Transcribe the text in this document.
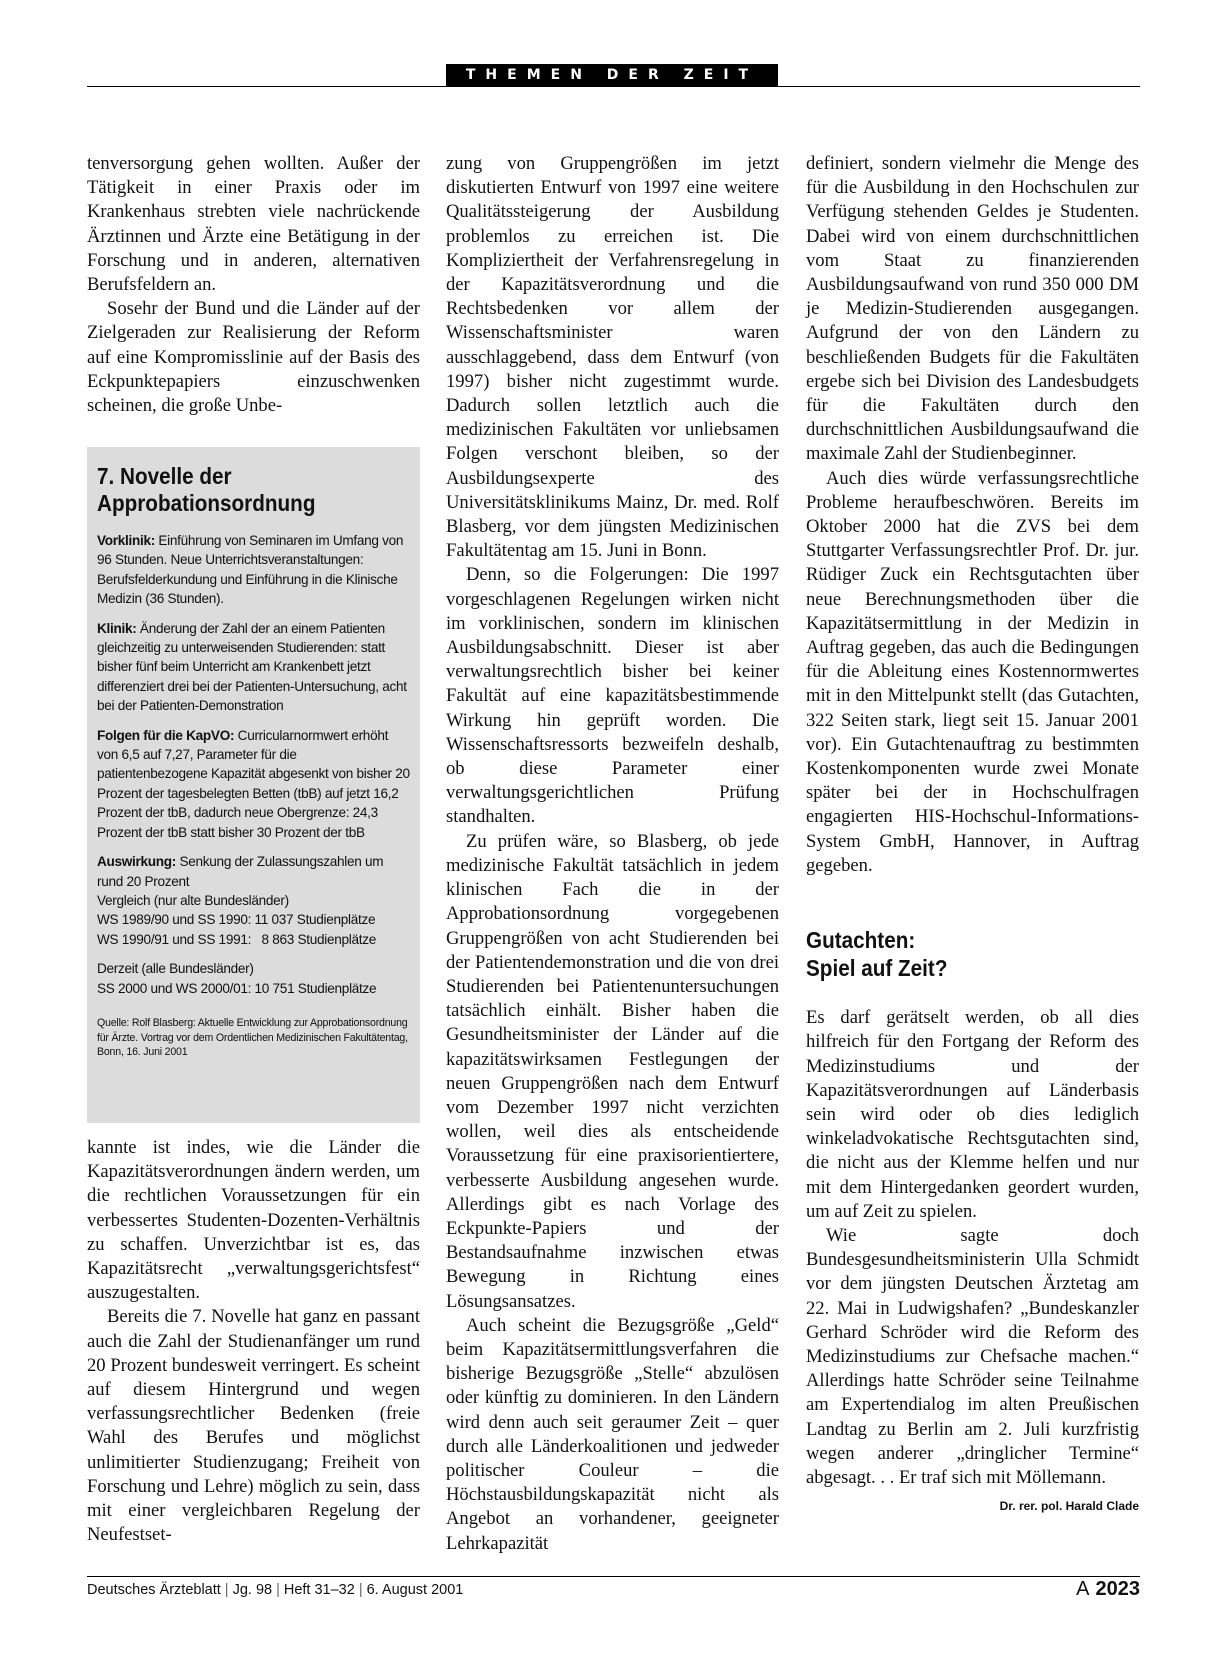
THEMEN DER ZEIT

tenversorgung gehen wollten. Außer der Tätigkeit in einer Praxis oder im Krankenhaus strebten viele nachrückende Ärztinnen und Ärzte eine Betätigung in der Forschung und in anderen, alternativen Berufsfeldern an.

Sosehr der Bund und die Länder auf der Zielgeraden zur Realisierung der Reform auf eine Kompromisslinie auf der Basis des Eckpunktepapiers einzuschwenken scheinen, die große Unbe-

7. Novelle der Approbationsordnung

Vorklinik: Einführung von Seminaren im Umfang von 96 Stunden. Neue Unterrichtsveranstaltungen: Berufsfelderkundung und Einführung in die Klinische Medizin (36 Stunden).

Klinik: Änderung der Zahl der an einem Patienten gleichzeitig zu unterweisenden Studierenden: statt bisher fünf beim Unterricht am Krankenbett jetzt differenziert drei bei der Patienten-Untersuchung, acht bei der Patienten-Demonstration

Folgen für die KapVO: Curricularnormwert erhöht von 6,5 auf 7,27, Parameter für die patientenbezogene Kapazität abgesenkt von bisher 20 Prozent der tagesbelegten Betten (tbB) auf jetzt 16,2 Prozent der tbB, dadurch neue Obergrenze: 24,3 Prozent der tbB statt bisher 30 Prozent der tbB

Auswirkung: Senkung der Zulassungszahlen um rund 20 Prozent

Vergleich (nur alte Bundesländer)

WS 1989/90 und SS 1990: 11 037 Studienplätze

WS 1990/91 und SS 1991:   8 863 Studienplätze

Derzeit (alle Bundesländer)

SS 2000 und WS 2000/01: 10 751 Studienplätze

Quelle: Rolf Blasberg: Aktuelle Entwicklung zur Approbationsordnung für Ärzte. Vortrag vor dem Ordentlichen Medizinischen Fakultätentag, Bonn, 16. Juni 2001

kannte ist indes, wie die Länder die Kapazitätsverordnungen ändern werden, um die rechtlichen Voraussetzungen für ein verbessertes Studenten-Dozenten-Verhältnis zu schaffen. Unverzichtbar ist es, das Kapazitätsrecht „verwaltungsgerichtsfest“ auszugestalten.

Bereits die 7. Novelle hat ganz en passant auch die Zahl der Studienanfänger um rund 20 Prozent bundesweit verringert. Es scheint auf diesem Hintergrund und wegen verfassungsrechtlicher Bedenken (freie Wahl des Berufes und möglichst unlimitierter Studienzugang; Freiheit von Forschung und Lehre) möglich zu sein, dass mit einer vergleichbaren Regelung der Neufestset-

zung von Gruppengrößen im jetzt diskutierten Entwurf von 1997 eine weitere Qualitätssteigerung der Ausbildung problemlos zu erreichen ist. Die Kompliziertheit der Verfahrensregelung in der Kapazitätsverordnung und die Rechtsbedenken vor allem der Wissenschaftsminister waren ausschlaggebend, dass dem Entwurf (von 1997) bisher nicht zugestimmt wurde. Dadurch sollen letztlich auch die medizinischen Fakultäten vor unliebsamen Folgen verschont bleiben, so der Ausbildungsexperte des Universitätsklinikums Mainz, Dr. med. Rolf Blasberg, vor dem jüngsten Medizinischen Fakultätentag am 15. Juni in Bonn.

Denn, so die Folgerungen: Die 1997 vorgeschlagenen Regelungen wirken nicht im vorklinischen, sondern im klinischen Ausbildungsabschnitt. Dieser ist aber verwaltungsrechtlich bisher bei keiner Fakultät auf eine kapazitätsbestimmende Wirkung hin geprüft worden. Die Wissenschaftsressorts bezweifeln deshalb, ob diese Parameter einer verwaltungsgerichtlichen Prüfung standhalten.

Zu prüfen wäre, so Blasberg, ob jede medizinische Fakultät tatsächlich in jedem klinischen Fach die in der Approbationsordnung vorgegebenen Gruppengrößen von acht Studierenden bei der Patientendemonstration und die von drei Studierenden bei Patientenuntersuchungen tatsächlich einhält. Bisher haben die Gesundheitsminister der Länder auf die kapazitätswirksamen Festlegungen der neuen Gruppengrößen nach dem Entwurf vom Dezember 1997 nicht verzichten wollen, weil dies als entscheidende Voraussetzung für eine praxisorientiertere, verbesserte Ausbildung angesehen wurde. Allerdings gibt es nach Vorlage des Eckpunkte-Papiers und der Bestandsaufnahme inzwischen etwas Bewegung in Richtung eines Lösungsansatzes.

Auch scheint die Bezugsgröße „Geld“ beim Kapazitätsermittlungsverfahren die bisherige Bezugsgröße „Stelle“ abzulösen oder künftig zu dominieren. In den Ländern wird denn auch seit geraumer Zeit – quer durch alle Länderkoalitionen und jedweder politischer Couleur – die Höchstausbildungskapazität nicht als Angebot an vorhandener, geeigneter Lehrkapazität

definiert, sondern vielmehr die Menge des für die Ausbildung in den Hochschulen zur Verfügung stehenden Geldes je Studenten. Dabei wird von einem durchschnittlichen vom Staat zu finanzierenden Ausbildungsaufwand von rund 350 000 DM je Medizin-Studierenden ausgegangen. Aufgrund der von den Ländern zu beschließenden Budgets für die Fakultäten ergebe sich bei Division des Landesbudgets für die Fakultäten durch den durchschnittlichen Ausbildungsaufwand die maximale Zahl der Studienbeginner.

Auch dies würde verfassungsrechtliche Probleme heraufbeschwören. Bereits im Oktober 2000 hat die ZVS bei dem Stuttgarter Verfassungsrechtler Prof. Dr. jur. Rüdiger Zuck ein Rechtsgutachten über neue Berechnungsmethoden über die Kapazitätsermittlung in der Medizin in Auftrag gegeben, das auch die Bedingungen für die Ableitung eines Kostennormwertes mit in den Mittelpunkt stellt (das Gutachten, 322 Seiten stark, liegt seit 15. Januar 2001 vor). Ein Gutachtenauftrag zu bestimmten Kostenkomponenten wurde zwei Monate später bei der in Hochschulfragen engagierten HIS-Hochschul-Informations-System GmbH, Hannover, in Auftrag gegeben.

Gutachten:
Spiel auf Zeit?

Es darf gerätselt werden, ob all dies hilfreich für den Fortgang der Reform des Medizinstudiums und der Kapazitätsverordnungen auf Länderbasis sein wird oder ob dies lediglich winkeladvokatische Rechtsgutachten sind, die nicht aus der Klemme helfen und nur mit dem Hintergedanken geordert wurden, um auf Zeit zu spielen.

Wie sagte doch Bundesgesundheitsministerin Ulla Schmidt vor dem jüngsten Deutschen Ärztetag am 22. Mai in Ludwigshafen? „Bundeskanzler Gerhard Schröder wird die Reform des Medizinstudiums zur Chefsache machen.“ Allerdings hatte Schröder seine Teilnahme am Expertendialog im alten Preußischen Landtag zu Berlin am 2. Juli kurzfristig wegen anderer „dringlicher Termine“ abgesagt. . . Er traf sich mit Möllemann.
Dr. rer. pol. Harald Clade

Deutsches Ärzteblatt | Jg. 98 | Heft 31–32 | 6. August 2001	A 2023
